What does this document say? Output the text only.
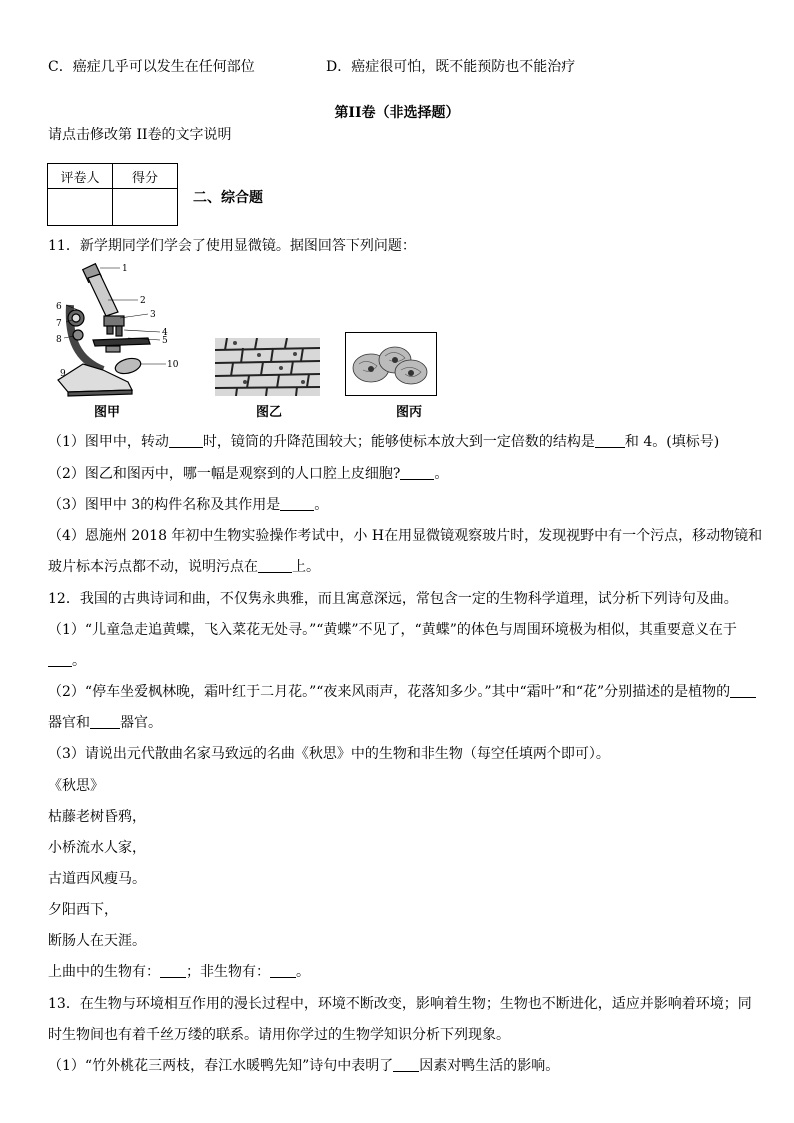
C．癌症几乎可以发生在任何部位	D．癌症很可怕，既不能预防也不能治疗
第II卷（非选择题）
请点击修改第 II卷的文字说明
评卷人	得分

二、综合题
11．新学期同学们学会了使用显微镜。据图回答下列问题：
1
2
3
4
5
6
7
8
9
10
图甲	图乙	图丙
（1）图甲中，转动 时，镜筒的升降范围较大；能够使标本放大到一定倍数的结构是 和 4。(填标号)
（2）图乙和图丙中，哪一幅是观察到的人口腔上皮细胞? 。
（3）图甲中 3的构件名称及其作用是 。
（4）恩施州 2018 年初中生物实验操作考试中，小 H在用显微镜观察玻片时，发现视野中有一个污点，移动物镜和
玻片标本污点都不动，说明污点在 上。
12．我国的古典诗词和曲，不仅隽永典雅，而且寓意深远，常包含一定的生物科学道理，试分析下列诗句及曲。
（1）“儿童急走追黄蝶，飞入菜花无处寻。”“黄蝶”不见了，“黄蝶”的体色与周围环境极为相似，其重要意义在于
。
（2）“停车坐爱枫林晚，霜叶红于二月花。”“夜来风雨声，花落知多少。”其中“霜叶”和“花”分别描述的是植物的
器官和 器官。
（3）请说出元代散曲名家马致远的名曲《秋思》中的生物和非生物（每空任填两个即可）。
《秋思》
枯藤老树昏鸦，
小桥流水人家，
古道西风瘦马。
夕阳西下，
断肠人在天涯。
上曲中的生物有： ；非生物有： 。
13．在生物与环境相互作用的漫长过程中，环境不断改变，影响着生物；生物也不断进化，适应并影响着环境；同
时生物间也有着千丝万缕的联系。请用你学过的生物学知识分析下列现象。
（1）“竹外桃花三两枝，春江水暖鸭先知”诗句中表明了 因素对鸭生活的影响。
